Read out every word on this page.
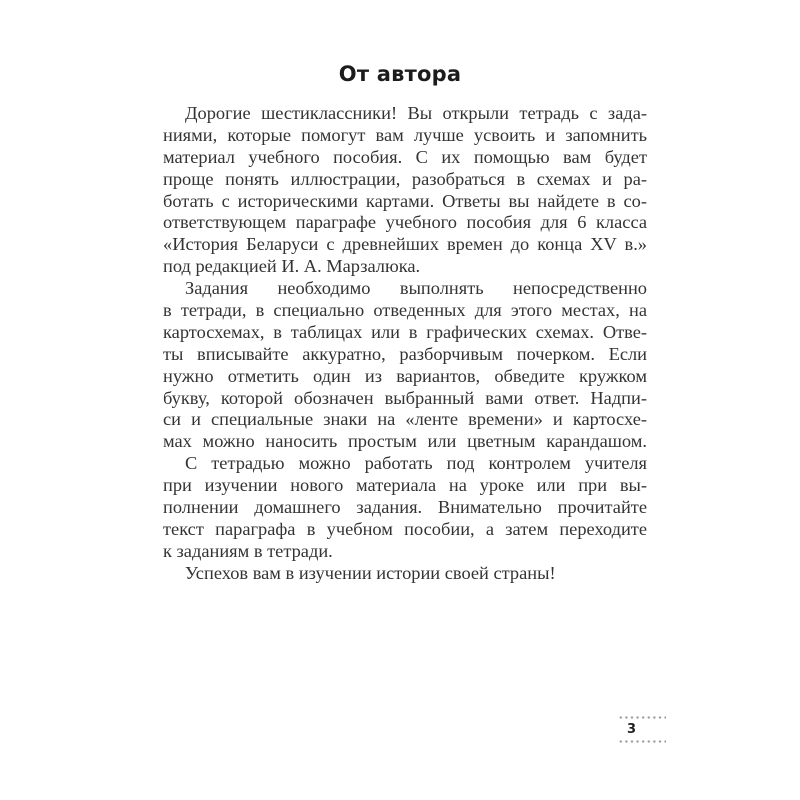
От автора
Дорогие шестиклассники! Вы открыли тетрадь с зада-
ниями, которые помогут вам лучше усвоить и запомнить
материал учебного пособия. С их помощью вам будет
проще понять иллюстрации, разобраться в схемах и ра-
ботать с историческими картами. Ответы вы найдете в со-
ответствующем параграфе учебного пособия для 6 класса
«История Беларуси с древнейших времен до конца XV в.»
под редакцией И. А. Марзалюка.
Задания необходимо выполнять непосредственно
в тетради, в специально отведенных для этого местах, на
картосхемах, в таблицах или в графических схемах. Отве-
ты вписывайте аккуратно, разборчивым почерком. Если
нужно отметить один из вариантов, обведите кружком
букву, которой обозначен выбранный вами ответ. Надпи-
си и специальные знаки на «ленте времени» и картосхе-
мах можно наносить простым или цветным карандашом.
С тетрадью можно работать под контролем учителя
при изучении нового материала на уроке или при вы-
полнении домашнего задания. Внимательно прочитайте
текст параграфа в учебном пособии, а затем переходите
к заданиям в тетради.
Успехов вам в изучении истории своей страны!
3
